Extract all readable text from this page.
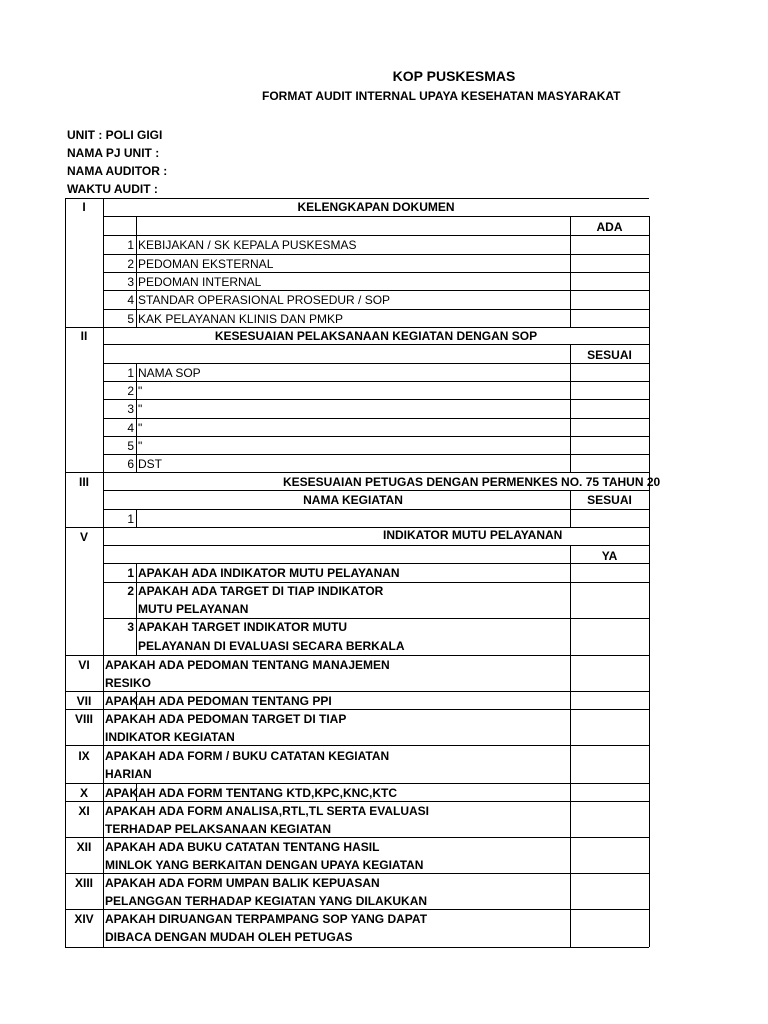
KOP PUSKESMAS
FORMAT AUDIT INTERNAL UPAYA KESEHATAN MASYARAKAT
UNIT : POLI GIGI
NAMA PJ UNIT :
NAMA AUDITOR :
WAKTU AUDIT :
I	KELENGKAPAN DOKUMEN
ADA
1 KEBIJAKAN / SK KEPALA PUSKESMAS
2 PEDOMAN EKSTERNAL
3 PEDOMAN INTERNAL
4 STANDAR OPERASIONAL PROSEDUR / SOP
5 KAK PELAYANAN KLINIS DAN PMKP
II	KESESUAIAN PELAKSANAAN KEGIATAN DENGAN SOP
SESUAI
1 NAMA SOP
2 "
3 "
4 "
5 "
6 DST
III	KESESUAIAN PETUGAS DENGAN PERMENKES NO. 75 TAHUN 20
NAMA KEGIATAN	SESUAI
1
V	INDIKATOR MUTU PELAYANAN
YA
1 APAKAH ADA INDIKATOR MUTU PELAYANAN
2 APAKAH ADA TARGET DI TIAP INDIKATOR
MUTU PELAYANAN
3 APAKAH TARGET INDIKATOR MUTU
PELAYANAN DI EVALUASI SECARA BERKALA
VI	APAKAH ADA PEDOMAN TENTANG MANAJEMEN
RESIKO
VII	APAKAH ADA PEDOMAN TENTANG PPI
VIII	APAKAH ADA PEDOMAN TARGET DI TIAP
INDIKATOR KEGIATAN
IX	APAKAH ADA FORM / BUKU CATATAN KEGIATAN
HARIAN
X	APAKAH ADA FORM TENTANG KTD,KPC,KNC,KTC
XI	APAKAH ADA FORM ANALISA,RTL,TL SERTA EVALUASI
TERHADAP PELAKSANAAN KEGIATAN
XII	APAKAH ADA BUKU CATATAN TENTANG HASIL
MINLOK YANG BERKAITAN DENGAN UPAYA KEGIATAN
XIII	APAKAH ADA FORM UMPAN BALIK KEPUASAN
PELANGGAN TERHADAP KEGIATAN YANG DILAKUKAN
XIV APAKAH DIRUANGAN TERPAMPANG SOP YANG DAPAT
DIBACA DENGAN MUDAH OLEH PETUGAS
